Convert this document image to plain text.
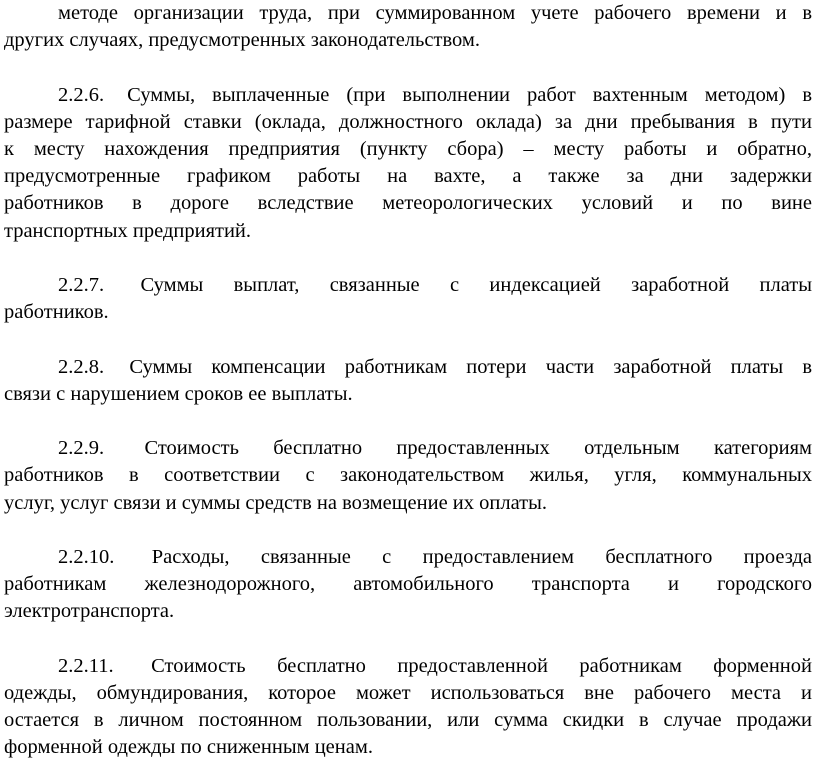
методе организации труда, при суммированном учете рабочего времени и в
других случаях, предусмотренных законодательством.
2.2.6. Суммы, выплаченные (при выполнении работ вахтенным методом) в
размере тарифной ставки (оклада, должностного оклада) за дни пребывания в пути
к месту нахождения предприятия (пункту сбора) – месту работы и обратно,
предусмотренные графиком работы на вахте, а также за дни задержки
работников в дороге вследствие метеорологических условий и по вине
транспортных предприятий.
2.2.7. Суммы выплат, связанные с индексацией заработной платы
работников.
2.2.8. Суммы компенсации работникам потери части заработной платы в
связи с нарушением сроков ее выплаты.
2.2.9. Стоимость бесплатно предоставленных отдельным категориям
работников в соответствии с законодательством жилья, угля, коммунальных
услуг, услуг связи и суммы средств на возмещение их оплаты.
2.2.10. Расходы, связанные с предоставлением бесплатного проезда
работникам железнодорожного, автомобильного транспорта и городского
электротранспорта.
2.2.11. Стоимость бесплатно предоставленной работникам форменной
одежды, обмундирования, которое может использоваться вне рабочего места и
остается в личном постоянном пользовании, или сумма скидки в случае продажи
форменной одежды по сниженным ценам.
